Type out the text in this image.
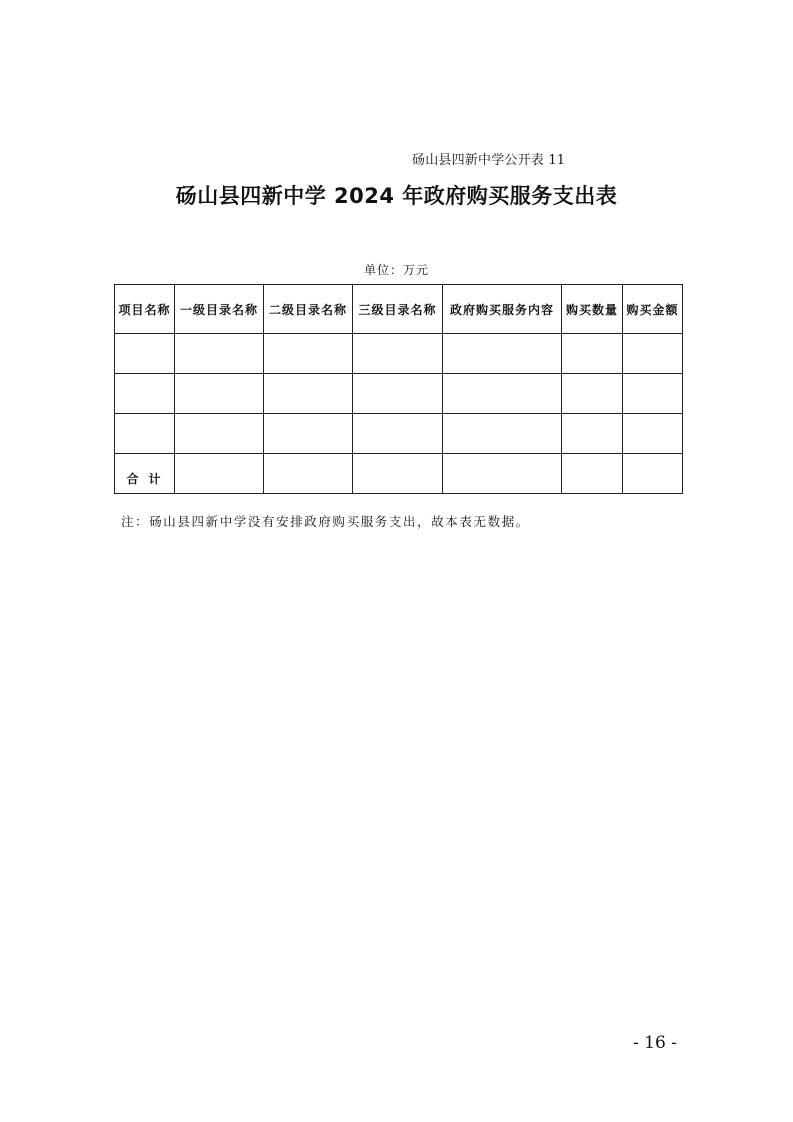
砀山县四新中学公开表 11
砀山县四新中学 2024 年政府购买服务支出表
单位：万元
项目名称	一级目录名称	二级目录名称	三级目录名称	政府购买服务内容	购买数量	购买金额

合计						
注：砀山县四新中学没有安排政府购买服务支出，故本表无数据。
- 16 -
